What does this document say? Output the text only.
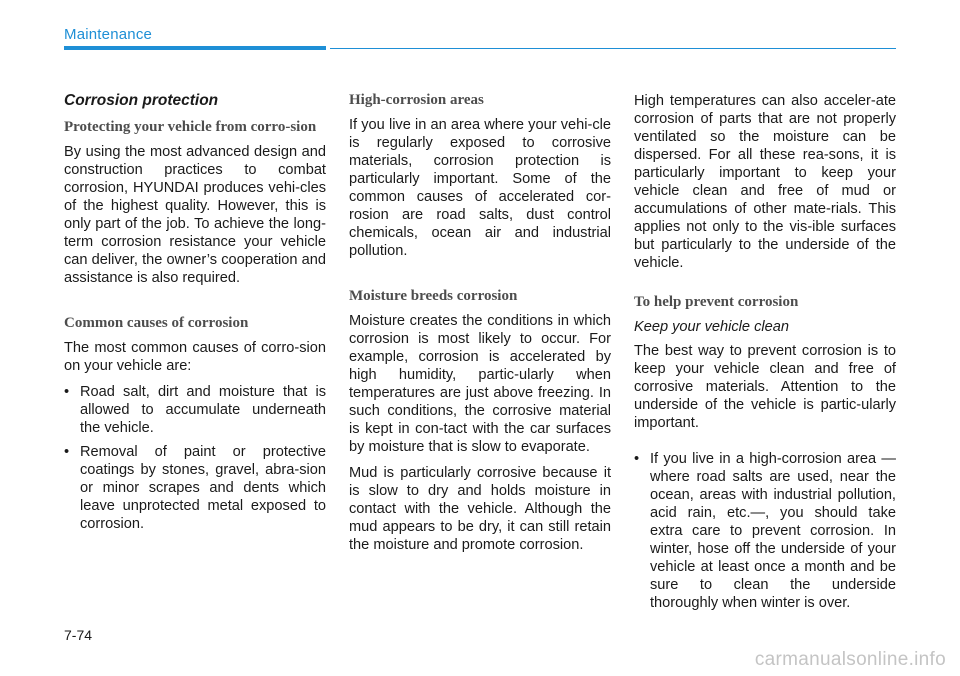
Maintenance
Corrosion protection
Protecting your vehicle from corro-sion

By using the most advanced design and construction practices to combat corrosion, HYUNDAI produces vehi-cles of the highest quality. However, this is only part of the job. To achieve the long-term corrosion resistance your vehicle can deliver, the owner’s cooperation and assistance is also required.

Common causes of corrosion

The most common causes of corro-sion on your vehicle are:

• Road salt, dirt and moisture that is allowed to accumulate underneath the vehicle.
• Removal of paint or protective coatings by stones, gravel, abra-sion or minor scrapes and dents which leave unprotected metal exposed to corrosion.
High-corrosion areas

If you live in an area where your vehi-cle is regularly exposed to corrosive materials, corrosion protection is particularly important. Some of the common causes of accelerated cor-rosion are road salts, dust control chemicals, ocean air and industrial pollution.

Moisture breeds corrosion

Moisture creates the conditions in which corrosion is most likely to occur. For example, corrosion is accelerated by high humidity, partic-ularly when temperatures are just above freezing. In such conditions, the corrosive material is kept in con-tact with the car surfaces by moisture that is slow to evaporate.

Mud is particularly corrosive because it is slow to dry and holds moisture in contact with the vehicle. Although the mud appears to be dry, it can still retain the moisture and promote corrosion.

High temperatures can also acceler-ate corrosion of parts that are not properly ventilated so the moisture can be dispersed. For all these rea-sons, it is particularly important to keep your vehicle clean and free of mud or accumulations of other mate-rials. This applies not only to the vis-ible surfaces but particularly to the underside of the vehicle.

To help prevent corrosion
Keep your vehicle clean

The best way to prevent corrosion is to keep your vehicle clean and free of corrosive materials. Attention to the underside of the vehicle is partic-ularly important.

• If you live in a high-corrosion area — where road salts are used, near the ocean, areas with industrial pollution, acid rain, etc.—, you should take extra care to prevent corrosion. In winter, hose off the underside of your vehicle at least once a month and be sure to clean the underside thoroughly when winter is over.
7-74
carmanualsonline.info
